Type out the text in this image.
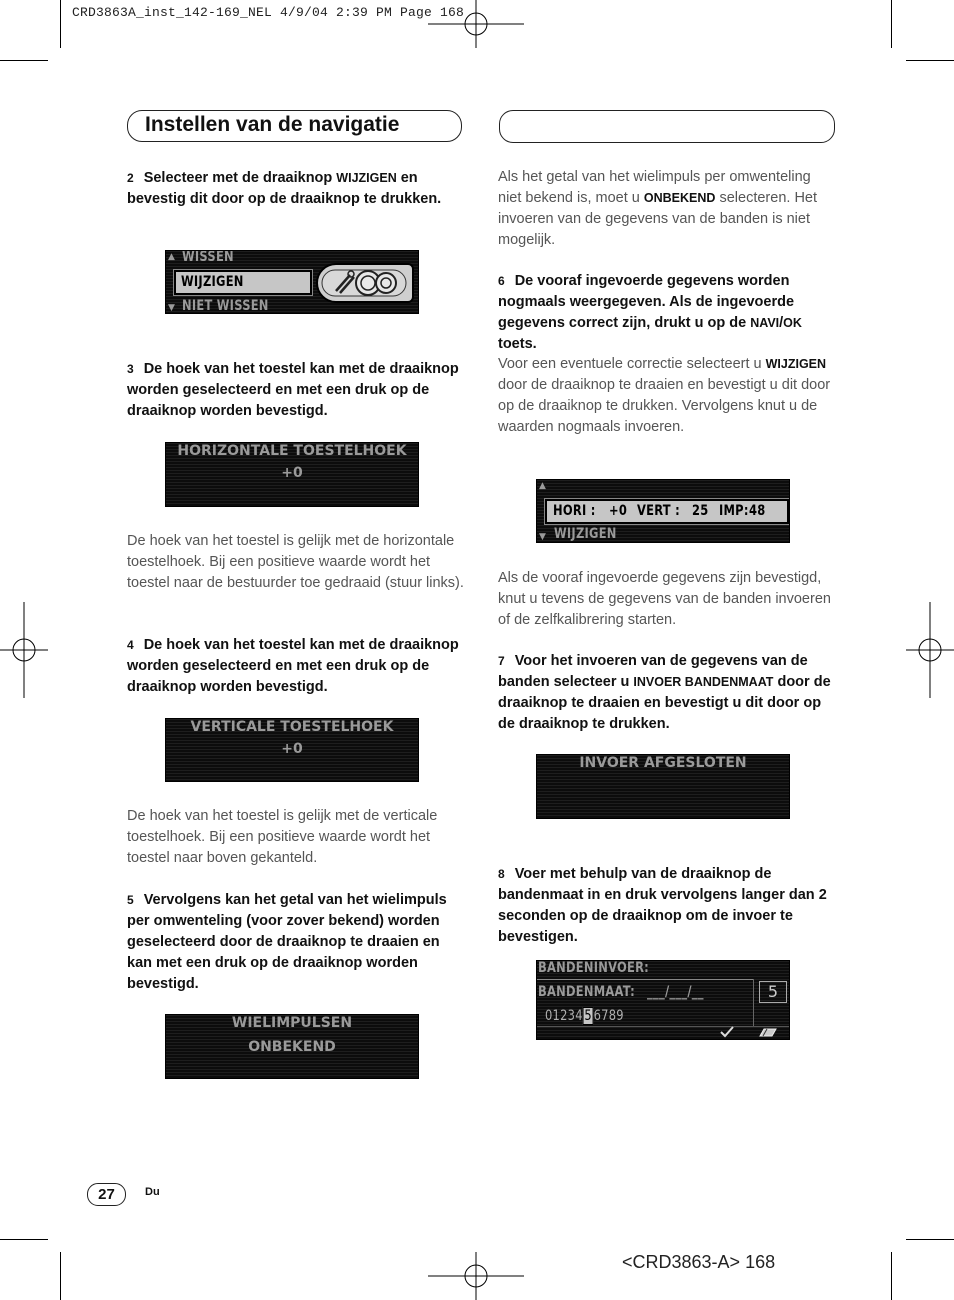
CRD3863A_inst_142-169_NEL 4/9/04 2:39 PM Page 168
Instellen van de navigatie
2 Selecteer met de draaiknop WIJZIGEN en bevestig dit door op de draaiknop te drukken.
▲ WISSEN
WIJZIGEN
▼ NIET WISSEN
3 De hoek van het toestel kan met de draaiknop worden geselecteerd en met een druk op de draaiknop worden bevestigd.
HORIZONTALE TOESTELHOEK
+0
De hoek van het toestel is gelijk met de horizontale toestelhoek. Bij een positieve waarde wordt het toestel naar de bestuurder toe gedraaid (stuur links).
4 De hoek van het toestel kan met de draaiknop worden geselecteerd en met een druk op de draaiknop worden bevestigd.
VERTICALE TOESTELHOEK
+0
De hoek van het toestel is gelijk met de verticale toestelhoek. Bij een positieve waarde wordt het toestel naar boven gekanteld.
5 Vervolgens kan het getal van het wielimpuls per omwenteling (voor zover bekend) worden geselecteerd door de draaiknop te draaien en kan met een druk op de draaiknop worden bevestigd.
WIELIMPULSEN
ONBEKEND
Als het getal van het wielimpuls per omwenteling niet bekend is, moet u ONBEKEND selecteren. Het invoeren van de gegevens van de banden is niet mogelijk.
6 De vooraf ingevoerde gegevens worden nogmaals weergegeven. Als de ingevoerde gegevens correct zijn, drukt u op de NAVI/OK toets.
Voor een eventuele correctie selecteert u WIJZIGEN door de draaiknop te draaien en bevestigt u dit door op de draaiknop te drukken. Vervolgens knut u de waarden nogmaals invoeren.
▲
HORI : +0 VERT : 25 IMP: 48
▼ WIJZIGEN
Als de vooraf ingevoerde gegevens zijn bevestigd, knut u tevens de gegevens van de banden invoeren of de zelfkalibrering starten.
7 Voor het invoeren van de gegevens van de banden selecteer u INVOER BANDENMAAT door de draaiknop te draaien en bevestigt u dit door op de draaiknop te drukken.
INVOER AFGESLOTEN
8 Voer met behulp van de draaiknop de bandenmaat in en druk vervolgens langer dan 2 seconden op de draaiknop om de invoer te bevestigen.
BANDENINVOER:
BANDENMAAT: ___/___/__
01234 5 6789
5
27	Du
<CRD3863-A> 168
